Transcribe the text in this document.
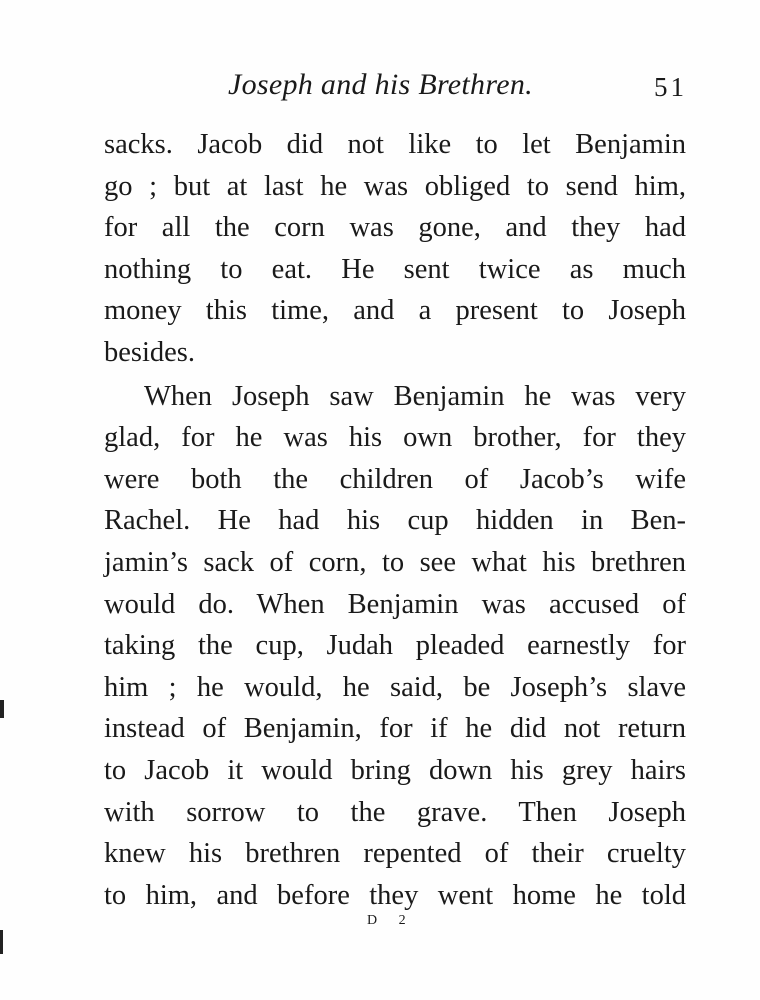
Joseph and his Brethren.	51
sacks. Jacob did not like to let Benjamin
go ; but at last he was obliged to send him,
for all the corn was gone, and they had
nothing to eat. He sent twice as much
money this time, and a present to Joseph
besides.
When Joseph saw Benjamin he was very
glad, for he was his own brother, for they
were both the children of Jacob’s wife
Rachel. He had his cup hidden in Ben-
jamin’s sack of corn, to see what his brethren
would do. When Benjamin was accused of
taking the cup, Judah pleaded earnestly for
him ; he would, he said, be Joseph’s slave
instead of Benjamin, for if he did not return
to Jacob it would bring down his grey hairs
with sorrow to the grave. Then Joseph
knew his brethren repented of their cruelty
to him, and before they went home he told
D 2
